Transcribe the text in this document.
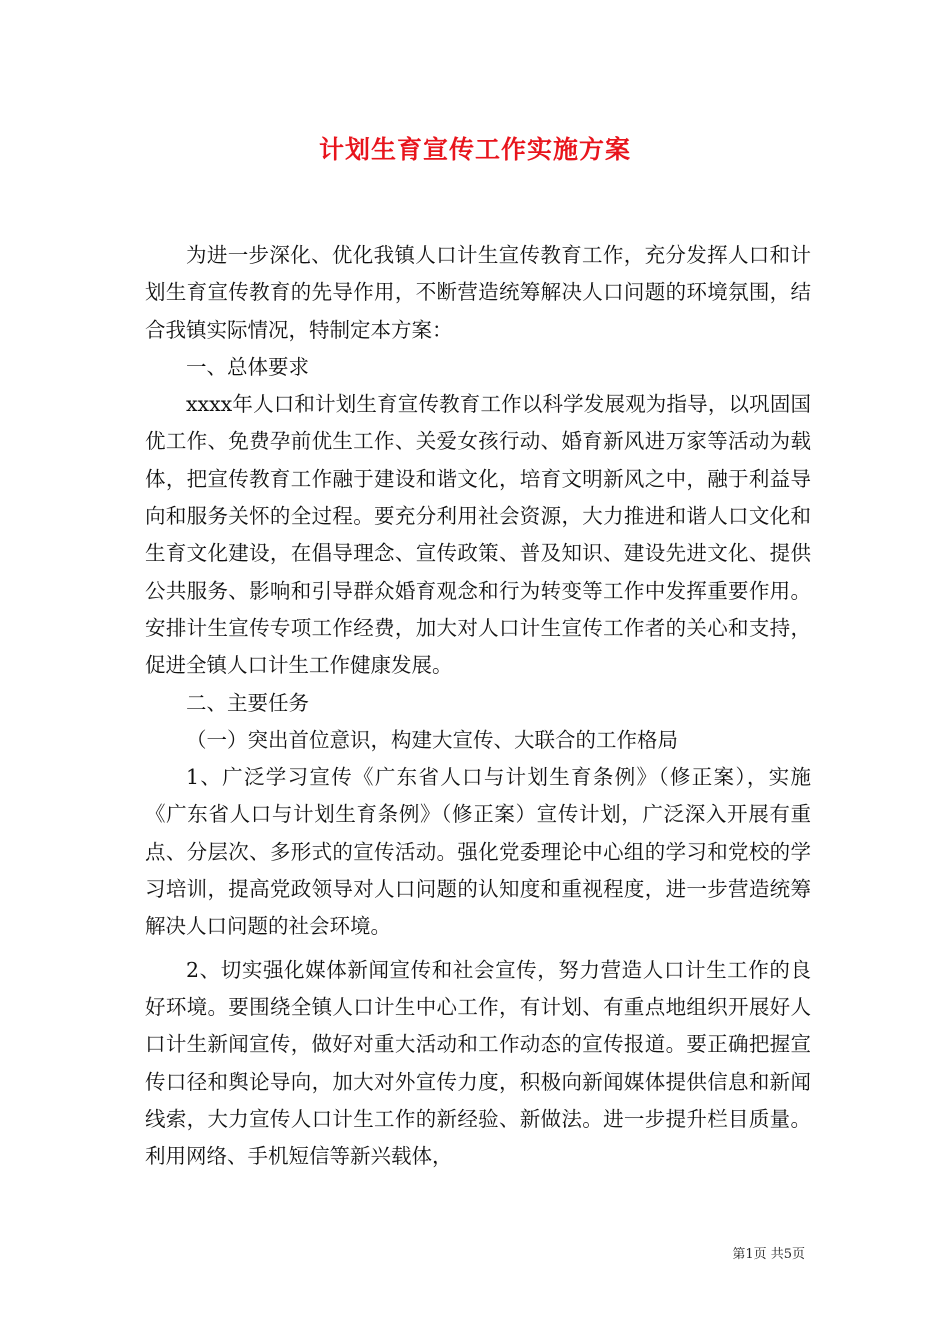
计划生育宣传工作实施方案

为进一步深化、优化我镇人口计生宣传教育工作，充分发挥人口和计划生育宣传教育的先导作用，不断营造统筹解决人口问题的环境氛围，结合我镇实际情况，特制定本方案：

一、总体要求

xxxx年人口和计划生育宣传教育工作以科学发展观为指导，以巩固国优工作、免费孕前优生工作、关爱女孩行动、婚育新风进万家等活动为载体，把宣传教育工作融于建设和谐文化，培育文明新风之中，融于利益导向和服务关怀的全过程。要充分利用社会资源，大力推进和谐人口文化和生育文化建设，在倡导理念、宣传政策、普及知识、建设先进文化、提供公共服务、影响和引导群众婚育观念和行为转变等工作中发挥重要作用。安排计生宣传专项工作经费，加大对人口计生宣传工作者的关心和支持，促进全镇人口计生工作健康发展。

二、主要任务

（一）突出首位意识，构建大宣传、大联合的工作格局

1、广泛学习宣传《广东省人口与计划生育条例》（修正案），实施《广东省人口与计划生育条例》（修正案）宣传计划，广泛深入开展有重点、分层次、多形式的宣传活动。强化党委理论中心组的学习和党校的学习培训，提高党政领导对人口问题的认知度和重视程度，进一步营造统筹解决人口问题的社会环境。

2、切实强化媒体新闻宣传和社会宣传，努力营造人口计生工作的良好环境。要围绕全镇人口计生中心工作，有计划、有重点地组织开展好人口计生新闻宣传，做好对重大活动和工作动态的宣传报道。要正确把握宣传口径和舆论导向，加大对外宣传力度，积极向新闻媒体提供信息和新闻线索，大力宣传人口计生工作的新经验、新做法。进一步提升栏目质量。利用网络、手机短信等新兴载体，

第1页 共5页
